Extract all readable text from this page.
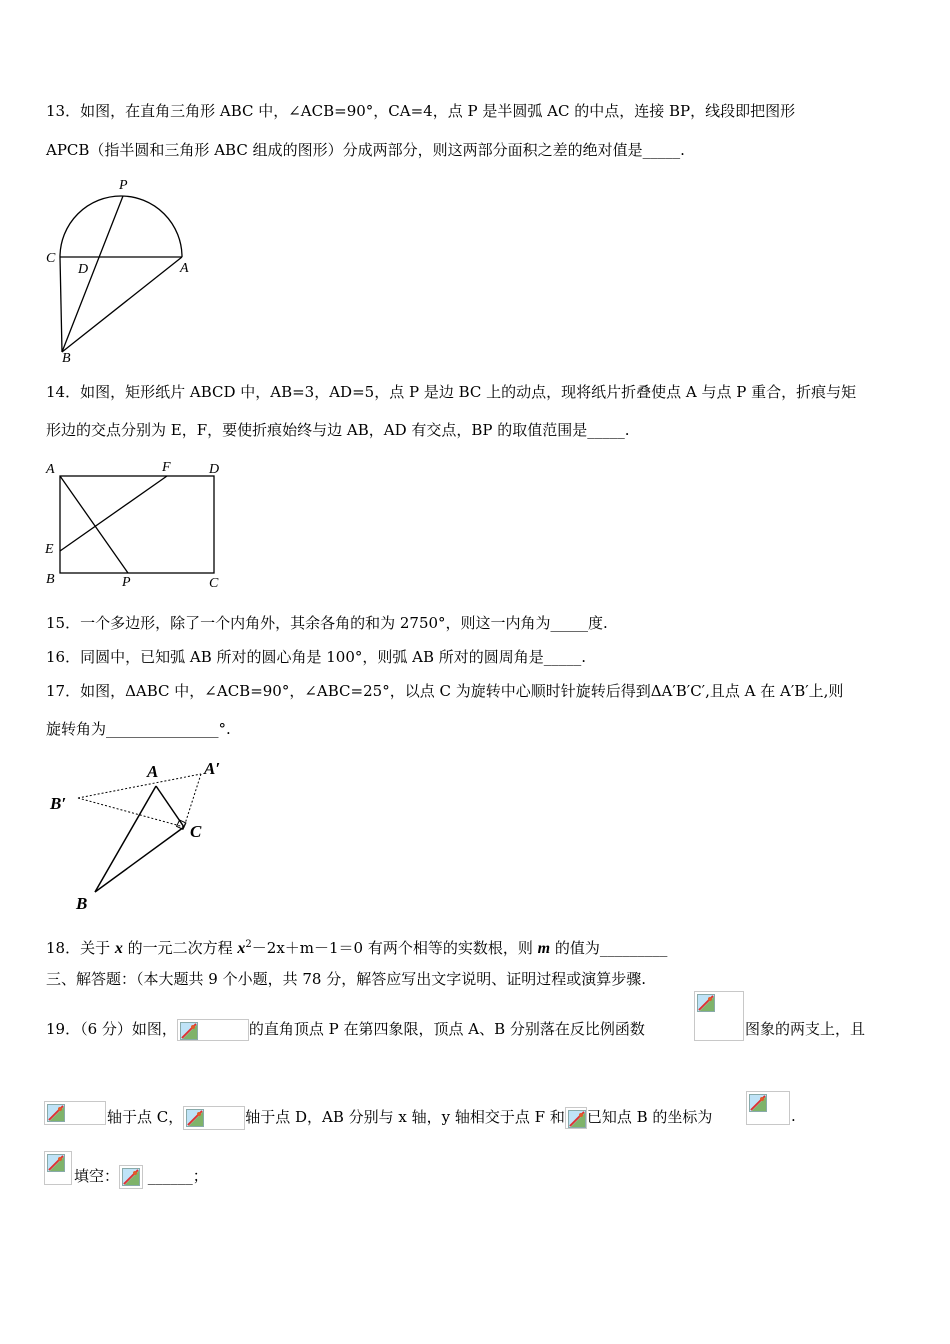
13．如图，在直角三角形 ABC 中，∠ACB=90°，CA=4，点 P 是半圆弧 AC 的中点，连接 BP，线段即把图形
APCB（指半圆和三角形 ABC 组成的图形）分成两部分，则这两部分面积之差的绝对值是_____.
P
C
D	A
B
14．如图，矩形纸片 ABCD 中，AB=3，AD=5，点 P 是边 BC 上的动点，现将纸片折叠使点 A 与点 P 重合，折痕与矩
形边的交点分别为 E，F，要使折痕始终与边 AB，AD 有交点，BP 的取值范围是_____.
A	F	D
E
B	P	C
15．一个多边形，除了一个内角外，其余各角的和为 2750°，则这一内角为_____度.
16．同圆中，已知弧 AB 所对的圆心角是 100°，则弧 AB 所对的圆周角是_____.
17．如图，ΔABC 中，∠ACB=90°，∠ABC=25°，以点 C 为旋转中心顺时针旋转后得到ΔA′B′C′,且点 A 在 A′B′上,则
旋转角为_______________°.
A	A′
B′
C
B
18．关于 x 的一元二次方程 $x^2-2x+m-1=0$ 有两个相等的实数根，则 m 的值为_________
三、解答题：（本大题共 9 个小题，共 78 分，解答应写出文字说明、证明过程或演算步骤.
19．（6 分）如图，	的直角顶点 P 在第四象限，顶点 A、B 分别落在反比例函数	图象的两支上，且
轴于点 C，	轴于点 D，AB 分别与 x 轴，y 轴相交于点 F 和 已知点 B 的坐标为	.
填空： ______；
